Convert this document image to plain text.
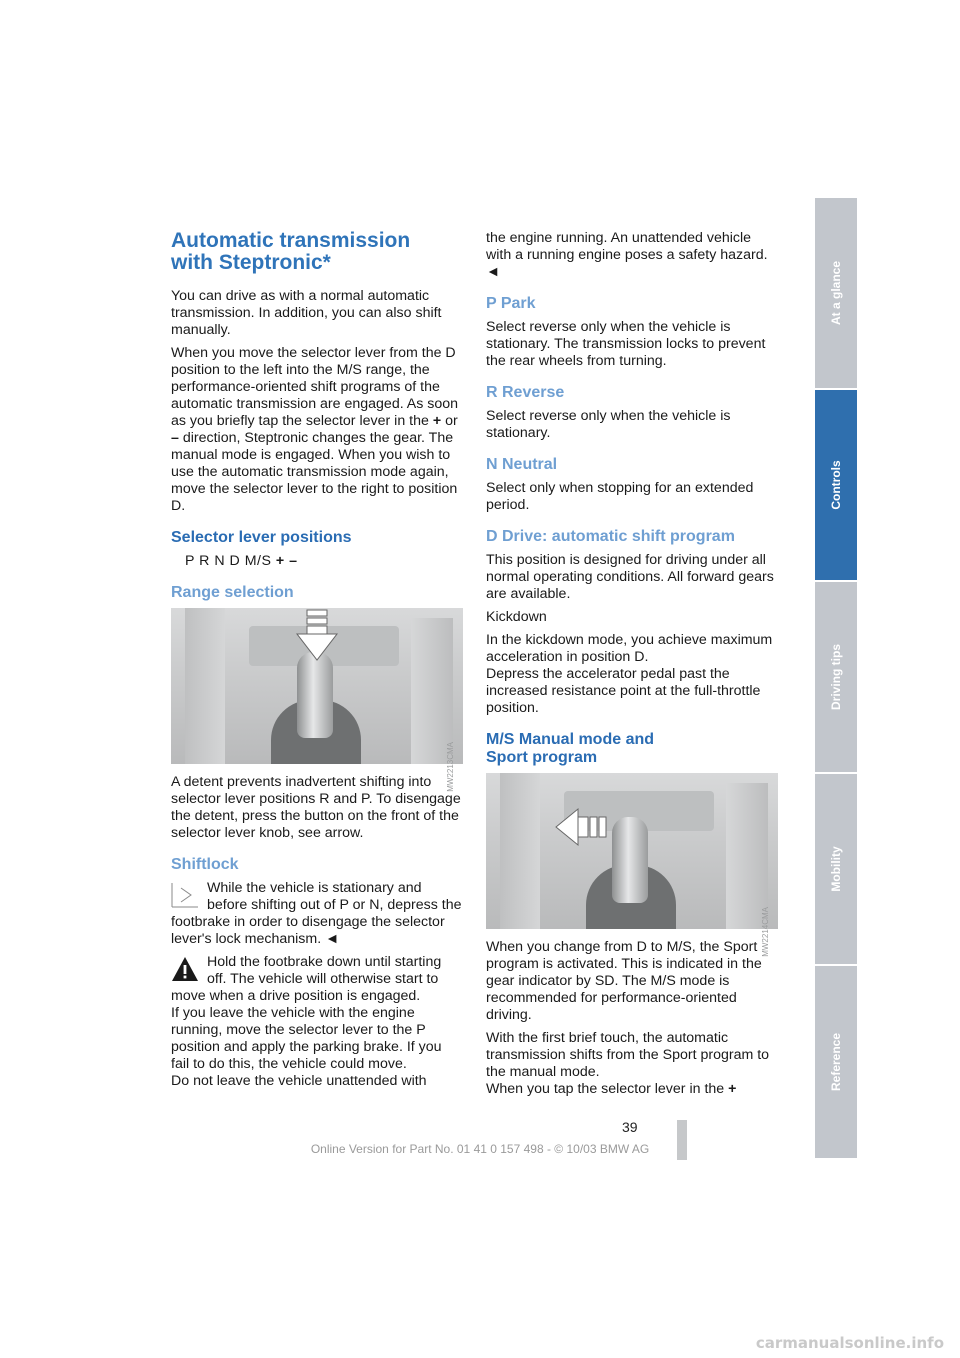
Automatic transmission
with Steptronic*

You can drive as with a normal automatic transmission. In addition, you can also shift manually.

When you move the selector lever from the D position to the left into the M/S range, the performance-oriented shift programs of the automatic transmission are engaged. As soon as you briefly tap the selector lever in the + or – direction, Steptronic changes the gear. The manual mode is engaged. When you wish to use the automatic transmission mode again, move the selector lever to the right to position D.

Selector lever positions

P R N D M/S + –

Range selection
MW2213CMA

A detent prevents inadvertent shifting into selector lever positions R and P. To disengage the detent, press the button on the front of the selector lever knob, see arrow.

Shiftlock

While the vehicle is stationary and before shifting out of P or N, depress the footbrake in order to disengage the selector lever's lock mechanism. ◄

Hold the footbrake down until starting off. The vehicle will otherwise start to move when a drive position is engaged.
If you leave the vehicle with the engine running, move the selector lever to the P position and apply the parking brake. If you fail to do this, the vehicle could move.
Do not leave the vehicle unattended with

the engine running. An unattended vehicle with a running engine poses a safety hazard. ◄

P Park

Select reverse only when the vehicle is stationary. The transmission locks to prevent the rear wheels from turning.

R Reverse

Select reverse only when the vehicle is stationary.

N Neutral

Select only when stopping for an extended period.

D Drive: automatic shift program

This position is designed for driving under all normal operating conditions. All forward gears are available.

Kickdown

In the kickdown mode, you achieve maximum acceleration in position D.
Depress the accelerator pedal past the increased resistance point at the full-throttle position.

M/S Manual mode and
Sport program
MW2214CMA

When you change from D to M/S, the Sport program is activated. This is indicated in the gear indicator by SD. The M/S mode is recommended for performance-oriented driving.

With the first brief touch, the automatic transmission shifts from the Sport program to the manual mode.
When you tap the selector lever in the +

At a glance
Controls
Driving tips
Mobility
Reference
39
Online Version for Part No. 01 41 0 157 498 - © 10/03 BMW AG
carmanualsonline.info
